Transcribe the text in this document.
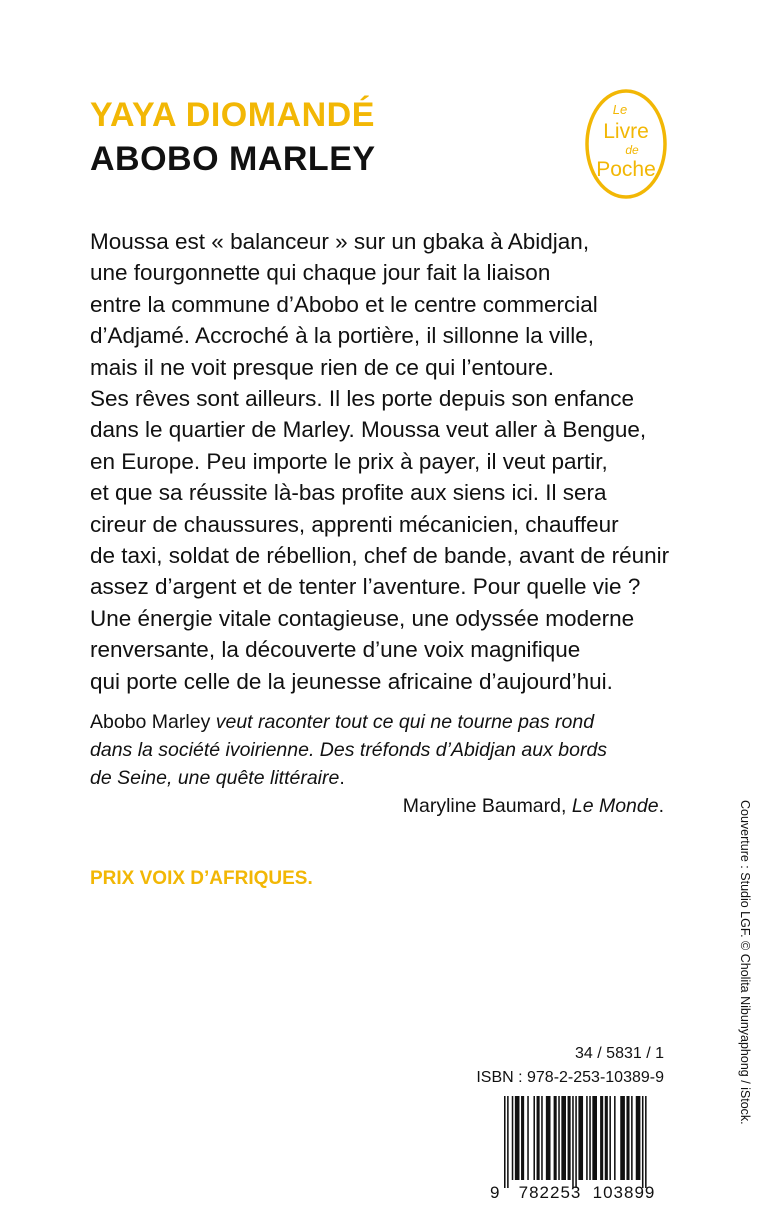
YAYA DIOMANDÉ
ABOBO MARLEY
Le
Livre
de
Poche
Moussa est « balanceur » sur un gbaka à Abidjan,
une fourgonnette qui chaque jour fait la liaison
entre la commune d’Abobo et le centre commercial
d’Adjamé. Accroché à la portière, il sillonne la ville,
mais il ne voit presque rien de ce qui l’entoure.
Ses rêves sont ailleurs. Il les porte depuis son enfance
dans le quartier de Marley. Moussa veut aller à Bengue,
en Europe. Peu importe le prix à payer, il veut partir,
et que sa réussite là-bas profite aux siens ici. Il sera
cireur de chaussures, apprenti mécanicien, chauffeur
de taxi, soldat de rébellion, chef de bande, avant de réunir
assez d’argent et de tenter l’aventure. Pour quelle vie ?
Une énergie vitale contagieuse, une odyssée moderne
renversante, la découverte d’une voix magnifique
qui porte celle de la jeunesse africaine d’aujourd’hui.
Abobo Marley veut raconter tout ce qui ne tourne pas rond
dans la société ivoirienne. Des tréfonds d’Abidjan aux bords
de Seine, une quête littéraire.
Maryline Baumard, Le Monde.
PRIX VOIX D’AFRIQUES.	Couverture : Studio LGF. © Cholita Nibunyaphong / iStock.
34 / 5831 / 1
ISBN : 978-2-253-10389-9
9 782253 103899
